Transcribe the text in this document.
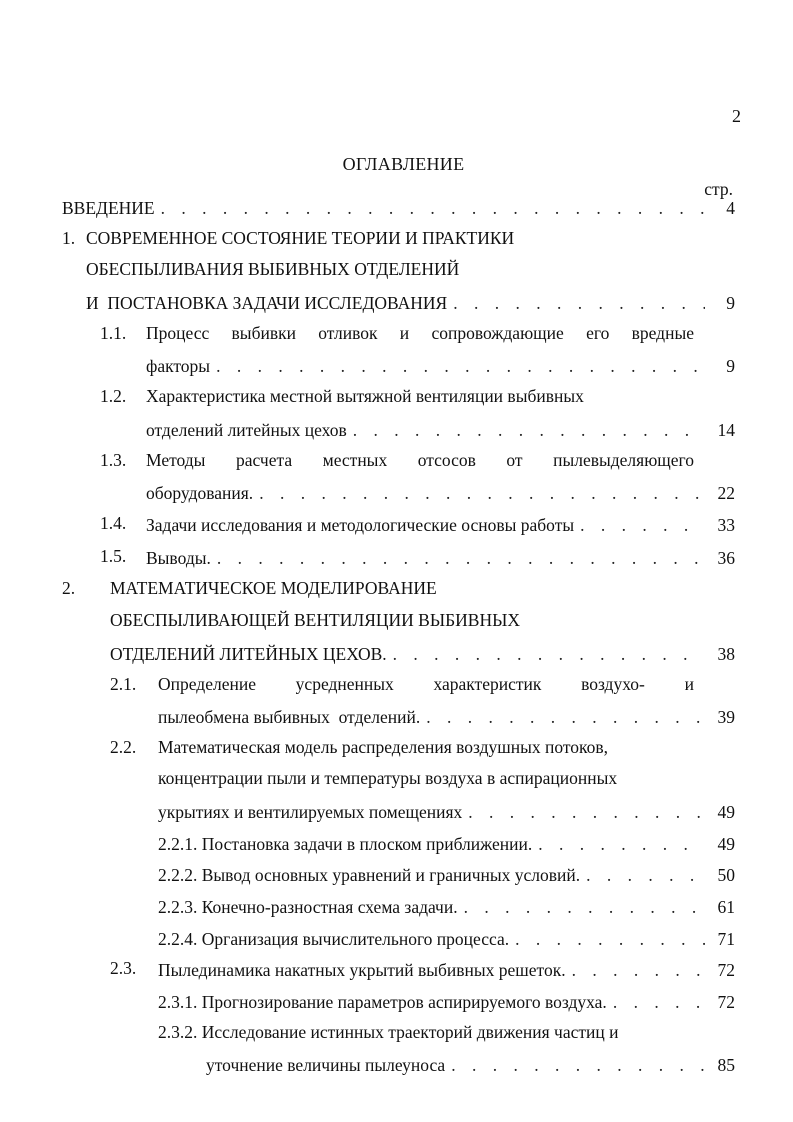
2
ОГЛАВЛЕНИЕ
стр.
ВВЕДЕНИЕ . . .	4
1. СОВРЕМЕННОЕ СОСТОЯНИЕ ТЕОРИИ И ПРАКТИКИ
ОБЕСПЫЛИВАНИЯ ВЫБИВНЫХ ОТДЕЛЕНИЙ
И  ПОСТАНОВКА ЗАДАЧИ ИССЛЕДОВАНИЯ . . .	9
1.1. Процесс выбивки отливок и сопровождающие его вредные
факторы . . .	9
1.2. Характеристика местной вытяжной вентиляции выбивных
отделений литейных цехов . . .	14
1.3. Методы расчета местных отсосов от пылевыделяющего
оборудования. . . .	22
1.4. Задачи исследования и методологические основы работы . . .	33
1.5. Выводы. . . .	36
2. МАТЕМАТИЧЕСКОЕ МОДЕЛИРОВАНИЕ
ОБЕСПЫЛИВАЮЩЕЙ ВЕНТИЛЯЦИИ ВЫБИВНЫХ
ОТДЕЛЕНИЙ ЛИТЕЙНЫХ ЦЕХОВ. . . .	38
2.1. Определение усредненных характеристик воздухо- и
пылеобмена выбивных  отделений. . . .	39
2.2. Математическая модель распределения воздушных потоков,
концентрации пыли и температуры воздуха в аспирационных
укрытиях и вентилируемых помещениях . . .	49
2.2.1. Постановка задачи в плоском приближении. . . .	49
2.2.2. Вывод основных уравнений и граничных условий. . . .	50
2.2.3. Конечно-разностная схема задачи. . . .	61
2.2.4. Организация вычислительного процесса. . . .	71
2.3. Пылединамика накатных укрытий выбивных решеток. . . .	72
2.3.1. Прогнозирование параметров аспирируемого воздуха. . . .	72
2.3.2. Исследование истинных траекторий движения частиц и
уточнение величины пылеуноса . . .	85
